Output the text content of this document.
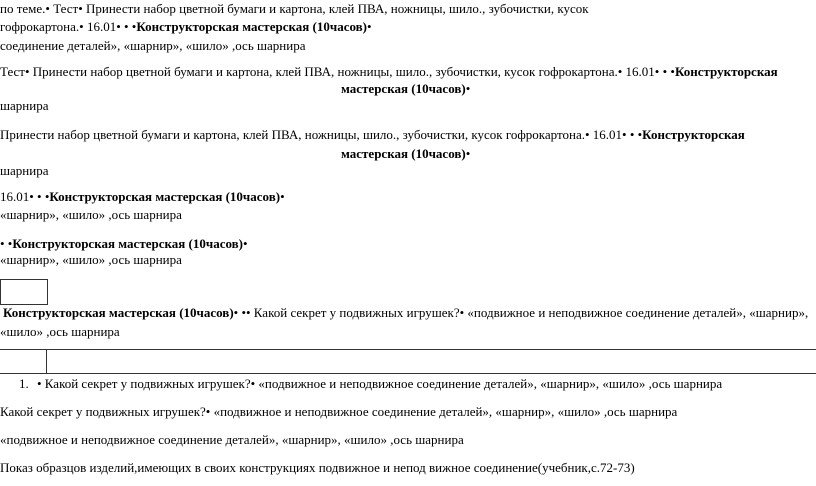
по теме.• Тест• Принести набор цветной бумаги и картона, клей ПВА, ножницы, шило., зубочистки, кусок
гофрокартона.• 16.01• • •Конструкторская мастерская (10часов)•
соединение деталей», «шарнир», «шило» ,ось шарнира
Тест• Принести набор цветной бумаги и картона, клей ПВА, ножницы, шило., зубочистки, кусок гофрокартона.• 16.01• • •Конструкторская
мастерская (10часов)•
шарнира
Принести набор цветной бумаги и картона, клей ПВА, ножницы, шило., зубочистки, кусок гофрокартона.• 16.01• • •Конструкторская
мастерская (10часов)•
шарнира
16.01• • •Конструкторская мастерская (10часов)•
«шарнир», «шило» ,ось шарнира
• •Конструкторская мастерская (10часов)•
«шарнир», «шило» ,ось шарнира
Конструкторская мастерская (10часов)• •• Какой секрет у подвижных игрушек?• «подвижное и неподвижное соединение деталей», «шарнир»,
«шило» ,ось шарнира
1. • Какой секрет у подвижных игрушек?• «подвижное и неподвижное соединение деталей», «шарнир», «шило» ,ось шарнира
Какой секрет у подвижных игрушек?• «подвижное и неподвижное соединение деталей», «шарнир», «шило» ,ось шарнира
«подвижное и неподвижное соединение деталей», «шарнир», «шило» ,ось шарнира
Показ образцов изделий,имеющих в своих конструкциях подвижное и непод вижное соединение(учебник,с.72-73)
